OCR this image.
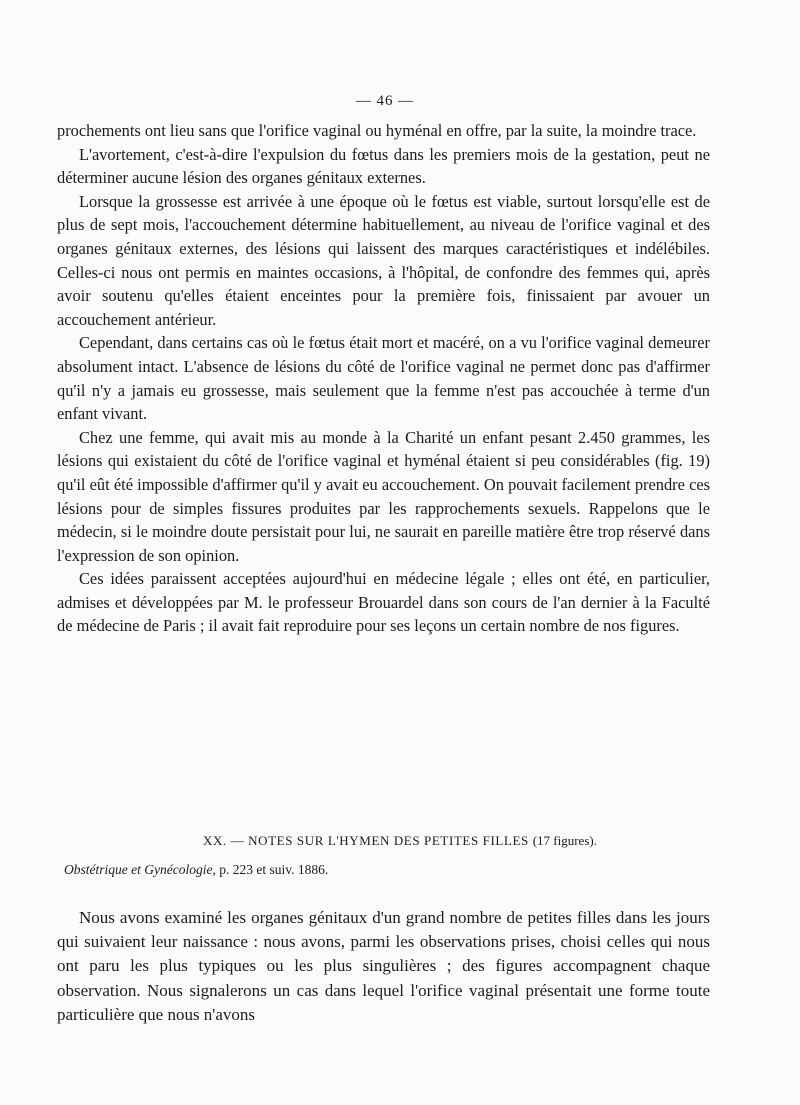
— 46 —

prochements ont lieu sans que l'orifice vaginal ou hyménal en offre, par la suite, la moindre trace.

L'avortement, c'est-à-dire l'expulsion du fœtus dans les premiers mois de la gestation, peut ne déterminer aucune lésion des organes génitaux externes.

Lorsque la grossesse est arrivée à une époque où le fœtus est viable, surtout lorsqu'elle est de plus de sept mois, l'accouchement détermine habituellement, au niveau de l'orifice vaginal et des organes génitaux externes, des lésions qui laissent des marques caractéristiques et indélébiles. Celles-ci nous ont permis en maintes occasions, à l'hôpital, de confondre des femmes qui, après avoir soutenu qu'elles étaient enceintes pour la première fois, finissaient par avouer un accouchement antérieur.

Cependant, dans certains cas où le fœtus était mort et macéré, on a vu l'orifice vaginal demeurer absolument intact. L'absence de lésions du côté de l'orifice vaginal ne permet donc pas d'affirmer qu'il n'y a jamais eu grossesse, mais seulement que la femme n'est pas accouchée à terme d'un enfant vivant.

Chez une femme, qui avait mis au monde à la Charité un enfant pesant 2.450 grammes, les lésions qui existaient du côté de l'orifice vaginal et hyménal étaient si peu considérables (fig. 19) qu'il eût été impossible d'affirmer qu'il y avait eu accouchement. On pouvait facilement prendre ces lésions pour de simples fissures produites par les rapprochements sexuels. Rappelons que le médecin, si le moindre doute persistait pour lui, ne saurait en pareille matière être trop réservé dans l'expression de son opinion.

Ces idées paraissent acceptées aujourd'hui en médecine légale ; elles ont été, en particulier, admises et développées par M. le professeur Brouardel dans son cours de l'an dernier à la Faculté de médecine de Paris ; il avait fait reproduire pour ses leçons un certain nombre de nos figures.

XX. — NOTES SUR L'HYMEN DES PETITES FILLES (17 figures).
Obstétrique et Gynécologie, p. 223 et suiv. 1886.

Nous avons examiné les organes génitaux d'un grand nombre de petites filles dans les jours qui suivaient leur naissance : nous avons, parmi les observations prises, choisi celles qui nous ont paru les plus typiques ou les plus singulières ; des figures accompagnent chaque observation. Nous signalerons un cas dans lequel l'orifice vaginal présentait une forme toute particulière que nous n'avons
